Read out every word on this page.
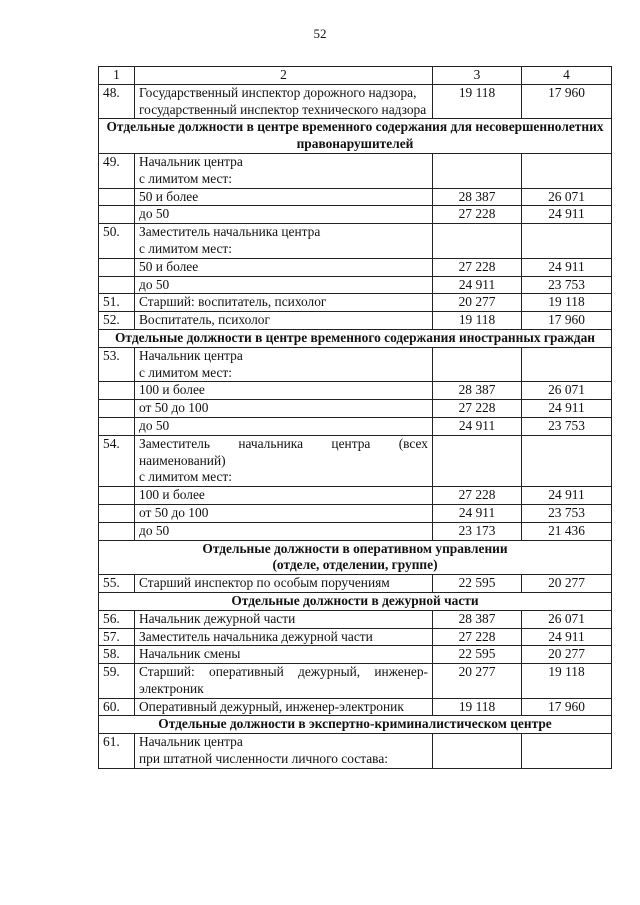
52
1	2	3	4
48.	Государственный инспектор дорожного надзора, государственный инспектор технического надзора	19 118	17 960
Отдельные должности в центре временного содержания для несовершеннолетних правонарушителей			
49.	Начальник центра
с лимитом мест:		
	50 и более	28 387	26 071
	до 50	27 228	24 911
50.	Заместитель начальника центра
с лимитом мест:		
	50 и более	27 228	24 911
	до 50	24 911	23 753
51.	Старший: воспитатель, психолог	20 277	19 118
52.	Воспитатель, психолог	19 118	17 960
Отдельные должности в центре временного содержания иностранных граждан			
53.	Начальник центра
с лимитом мест:		
	100 и более	28 387	26 071
	от 50 до 100	27 228	24 911
	до 50	24 911	23 753
54.	Заместитель начальника центра (всех наименований)
с лимитом мест:		
	100 и более	27 228	24 911
	от 50 до 100	24 911	23 753
	до 50	23 173	21 436
Отдельные должности в оперативном управлении
(отделе, отделении, группе)			
55.	Старший инспектор по особым поручениям	22 595	20 277
Отдельные должности в дежурной части			
56.	Начальник дежурной части	28 387	26 071
57.	Заместитель начальника дежурной части	27 228	24 911
58.	Начальник смены	22 595	20 277
59.	Старший: оперативный дежурный, инженер-электроник	20 277	19 118
60.	Оперативный дежурный, инженер-электроник	19 118	17 960
Отдельные должности в экспертно-криминалистическом центре			
61.	Начальник центра
при штатной численности личного состава:		
